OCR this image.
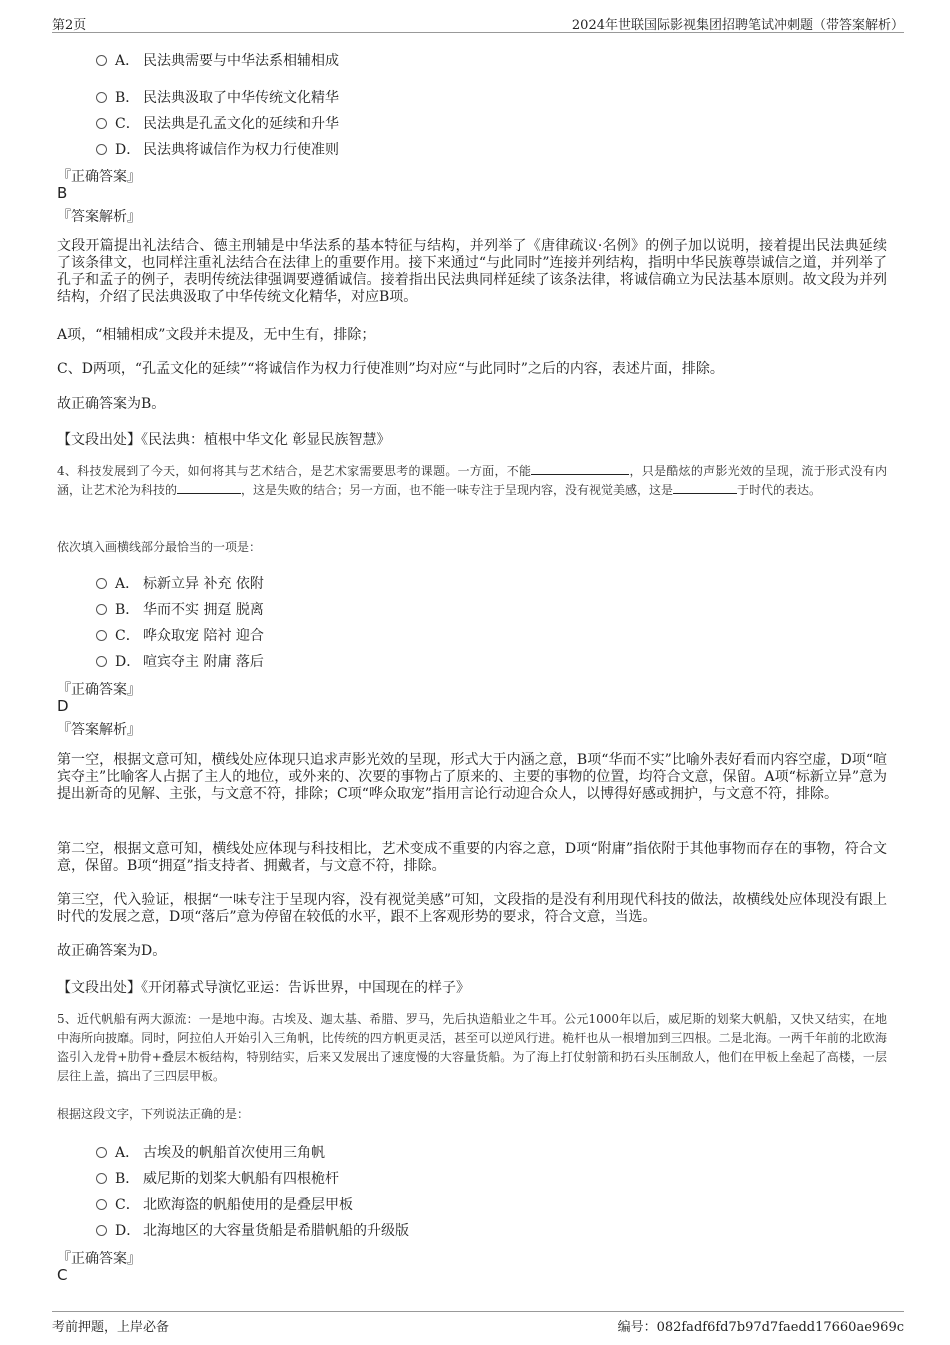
第2页	2024年世联国际影视集团招聘笔试冲刺题（带答案解析）
A． 民法典需要与中华法系相辅相成
B． 民法典汲取了中华传统文化精华
C． 民法典是孔孟文化的延续和升华
D． 民法典将诚信作为权力行使准则
『正确答案』
B
『答案解析』
文段开篇提出礼法结合、德主刑辅是中华法系的基本特征与结构，并列举了《唐律疏议·名例》的例子加以说明，接着提出民法典延续了该条律文，也同样注重礼法结合在法律上的重要作用。接下来通过“与此同时”连接并列结构，指明中华民族尊崇诚信之道，并列举了孔子和孟子的例子，表明传统法律强调要遵循诚信。接着指出民法典同样延续了该条法律，将诚信确立为民法基本原则。故文段为并列结构，介绍了民法典汲取了中华传统文化精华，对应B项。
A项，“相辅相成”文段并未提及，无中生有，排除；
C、D两项，“孔孟文化的延续”“将诚信作为权力行使准则”均对应“与此同时”之后的内容，表述片面，排除。
故正确答案为B。
【文段出处】《民法典：植根中华文化 彰显民族智慧》
4、科技发展到了今天，如何将其与艺术结合，是艺术家需要思考的课题。一方面，不能	，只是酷炫的声影光效的呈现，流于形式没有内涵，让艺术沦为科技的	，这是失败的结合；另一方面，也不能一味专注于呈现内容，没有视觉美感，这是	于时代的表达。
依次填入画横线部分最恰当的一项是：
A． 标新立异 补充 依附
B． 华而不实 拥趸 脱离
C． 哗众取宠 陪衬 迎合
D． 喧宾夺主 附庸 落后
『正确答案』
D
『答案解析』
第一空，根据文意可知，横线处应体现只追求声影光效的呈现，形式大于内涵之意，B项“华而不实”比喻外表好看而内容空虚，D项“喧宾夺主”比喻客人占据了主人的地位，或外来的、次要的事物占了原来的、主要的事物的位置，均符合文意，保留。A项“标新立异”意为提出新奇的见解、主张，与文意不符，排除；C项“哗众取宠”指用言论行动迎合众人，以博得好感或拥护，与文意不符，排除。
第二空，根据文意可知，横线处应体现与科技相比，艺术变成不重要的内容之意，D项“附庸”指依附于其他事物而存在的事物，符合文意，保留。B项“拥趸”指支持者、拥戴者，与文意不符，排除。
第三空，代入验证，根据“一味专注于呈现内容，没有视觉美感”可知，文段指的是没有利用现代科技的做法，故横线处应体现没有跟上时代的发展之意，D项“落后”意为停留在较低的水平，跟不上客观形势的要求，符合文意，当选。
故正确答案为D。
【文段出处】《开闭幕式导演忆亚运：告诉世界，中国现在的样子》
5、近代帆船有两大源流：一是地中海。古埃及、迦太基、希腊、罗马，先后执造船业之牛耳。公元1000年以后，威尼斯的划桨大帆船，又快又结实，在地中海所向披靡。同时，阿拉伯人开始引入三角帆，比传统的四方帆更灵活，甚至可以逆风行进。桅杆也从一根增加到三四根。二是北海。一两千年前的北欧海盗引入龙骨+肋骨+叠层木板结构，特别结实，后来又发展出了速度慢的大容量货船。为了海上打仗射箭和扔石头压制敌人，他们在甲板上垒起了高楼，一层层往上盖，搞出了三四层甲板。
根据这段文字，下列说法正确的是：
A． 古埃及的帆船首次使用三角帆
B． 威尼斯的划桨大帆船有四根桅杆
C． 北欧海盗的帆船使用的是叠层甲板
D． 北海地区的大容量货船是希腊帆船的升级版
『正确答案』
C
考前押题，上岸必备	编号：082fadf6fd7b97d7faedd17660ae969c
